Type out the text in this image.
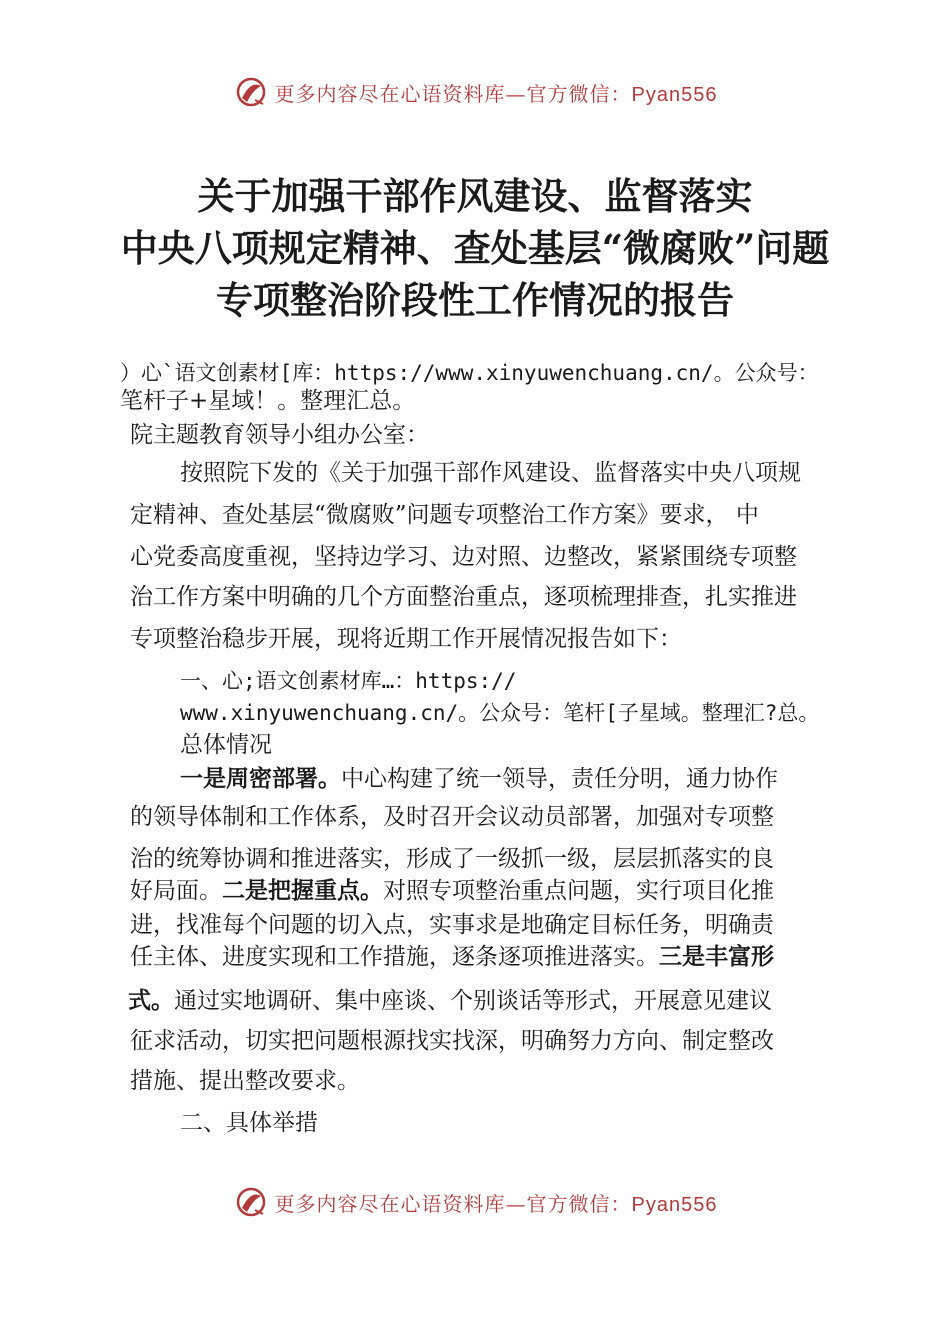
更多内容尽在心语资料库—官方微信：Pyan556
关于加强干部作风建设、监督落实
中央八项规定精神、查处基层“微腐败”问题
专项整治阶段性工作情况的报告
）心`语文创素材[库：https://www.xinyuwenchuang.cn/。公众号：
笔杆子+星域！。整理汇总。
院主题教育领导小组办公室：
按照院下发的《关于加强干部作风建设、监督落实中央八项规
定精神、查处基层“微腐败”问题专项整治工作方案》要求， 中
心党委高度重视，坚持边学习、边对照、边整改，紧紧围绕专项整
治工作方案中明确的几个方面整治重点，逐项梳理排查，扎实推进
专项整治稳步开展，现将近期工作开展情况报告如下：
一、心;语文创素材库…：https://
www.xinyuwenchuang.cn/。公众号：笔杆[子星域。整理汇?总。
总体情况
一是周密部署。中心构建了统一领导，责任分明，通力协作
的领导体制和工作体系，及时召开会议动员部署，加强对专项整
治的统筹协调和推进落实，形成了一级抓一级，层层抓落实的良
好局面。二是把握重点。对照专项整治重点问题，实行项目化推
进，找准每个问题的切入点，实事求是地确定目标任务，明确责
任主体、进度实现和工作措施，逐条逐项推进落实。三是丰富形
式。通过实地调研、集中座谈、个别谈话等形式，开展意见建议
征求活动，切实把问题根源找实找深，明确努力方向、制定整改
措施、提出整改要求。
二、具体举措
更多内容尽在心语资料库—官方微信：Pyan556
